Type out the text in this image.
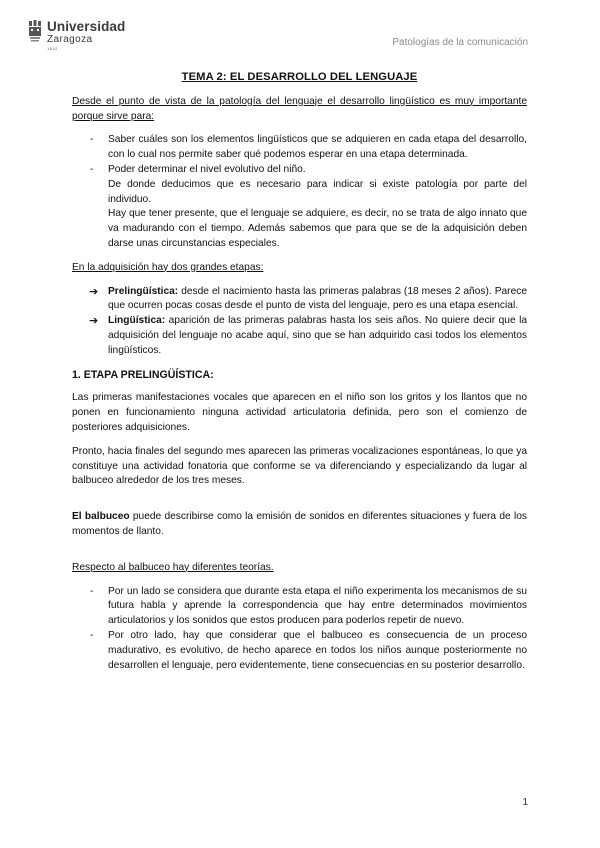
Universidad
Zaragoza
1542	Patologías de la comunicación
TEMA 2: EL DESARROLLO DEL LENGUAJE

Desde el punto de vista de la patología del lenguaje el desarrollo lingüístico es muy importante porque sirve para:

- Saber cuáles son los elementos lingüísticos que se adquieren en cada etapa del desarrollo, con lo cual nos permite saber qué podemos esperar en una etapa determinada.
- Poder determinar el nivel evolutivo del niño.
De donde deducimos que es necesario para indicar si existe patología por parte del individuo.
Hay que tener presente, que el lenguaje se adquiere, es decir, no se trata de algo innato que va madurando con el tiempo. Además sabemos que para que se de la adquisición deben darse unas circunstancias especiales.

En la adquisición hay dos grandes etapas:

➔ Prelingüística: desde el nacimiento hasta las primeras palabras (18 meses 2 años). Parece que ocurren pocas cosas desde el punto de vista del lenguaje, pero es una etapa esencial.
➔ Lingüística: aparición de las primeras palabras hasta los seis años. No quiere decir que la adquisición del lenguaje no acabe aquí, sino que se han adquirido casi todos los elementos lingüísticos.
1. ETAPA PRELINGÜÍSTICA:

Las primeras manifestaciones vocales que aparecen en el niño son los gritos y los llantos que no ponen en funcionamiento ninguna actividad articulatoria definida, pero son el comienzo de posteriores adquisiciones.

Pronto, hacia finales del segundo mes aparecen las primeras vocalizaciones espontáneas, lo que ya constituye una actividad fonatoria que conforme se va diferenciando y especializando da lugar al balbuceo alrededor de los tres meses.

El balbuceo puede describirse como la emisión de sonidos en diferentes situaciones y fuera de los momentos de llanto.

Respecto al balbuceo hay diferentes teorías.

- Por un lado se considera que durante esta etapa el niño experimenta los mecanismos de su futura habla y aprende la correspondencia que hay entre determinados movimientos articulatorios y los sonidos que estos producen para poderlos repetir de nuevo.
- Por otro lado, hay que considerar que el balbuceo es consecuencia de un proceso madurativo, es evolutivo, de hecho aparece en todos los niños aunque posteriormente no desarrollen el lenguaje, pero evidentemente, tiene consecuencias en su posterior desarrollo.
1
